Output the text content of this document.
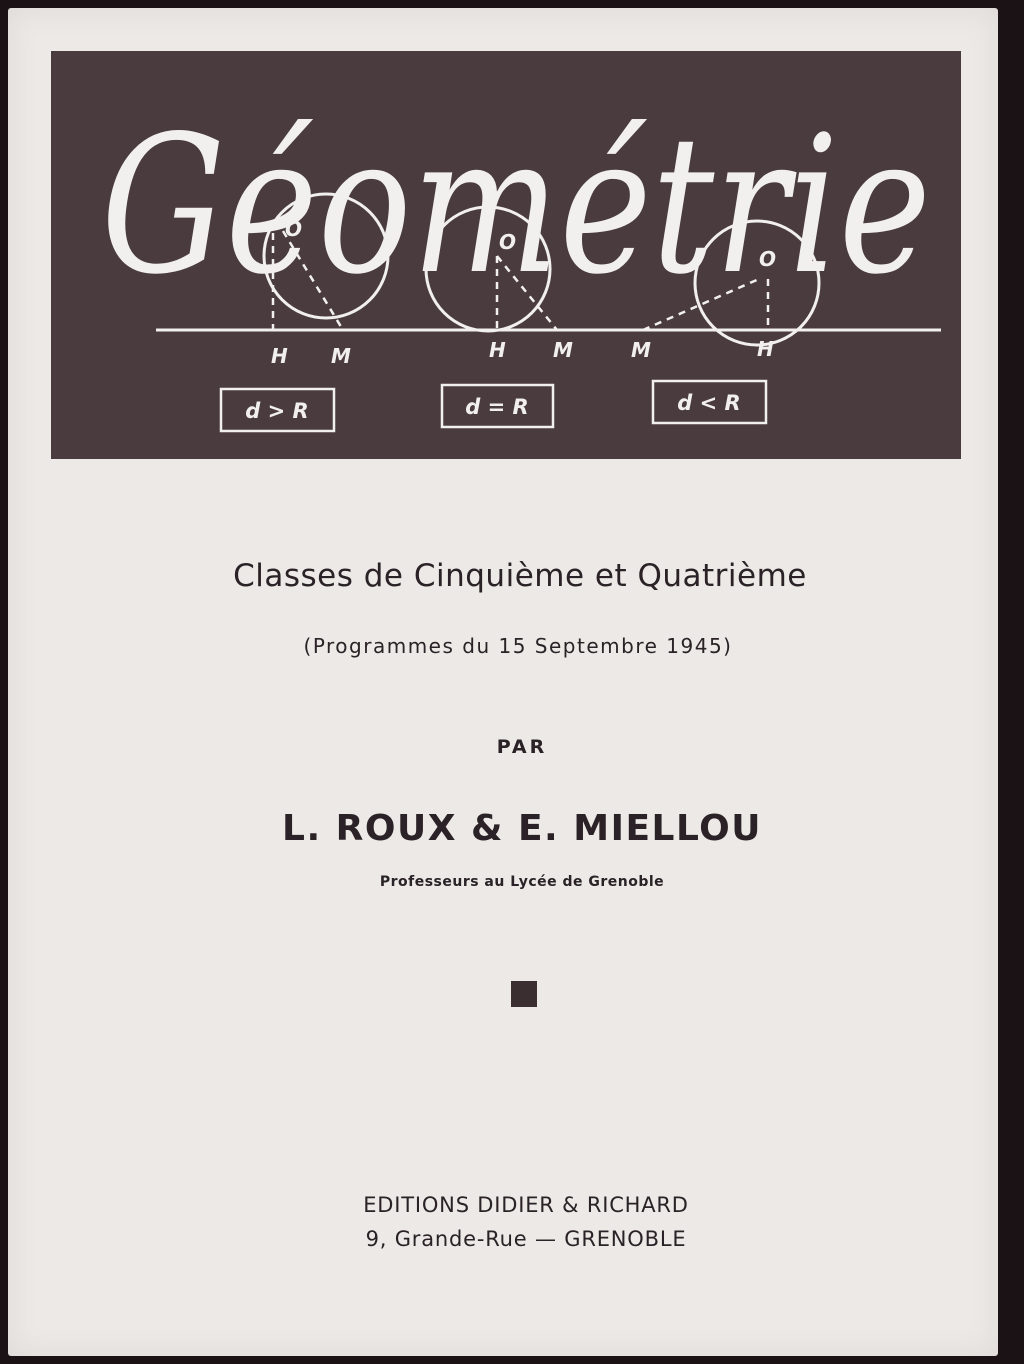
Géométrie
O
H M
O
H M
O
H
M
d > R	d = R	d < R
Classes de Cinquième et Quatrième
(Programmes du 15 Septembre 1945)
PAR
L. ROUX & E. MIELLOU
Professeurs au Lycée de Grenoble
EDITIONS DIDIER & RICHARD
9, Grande-Rue — GRENOBLE
